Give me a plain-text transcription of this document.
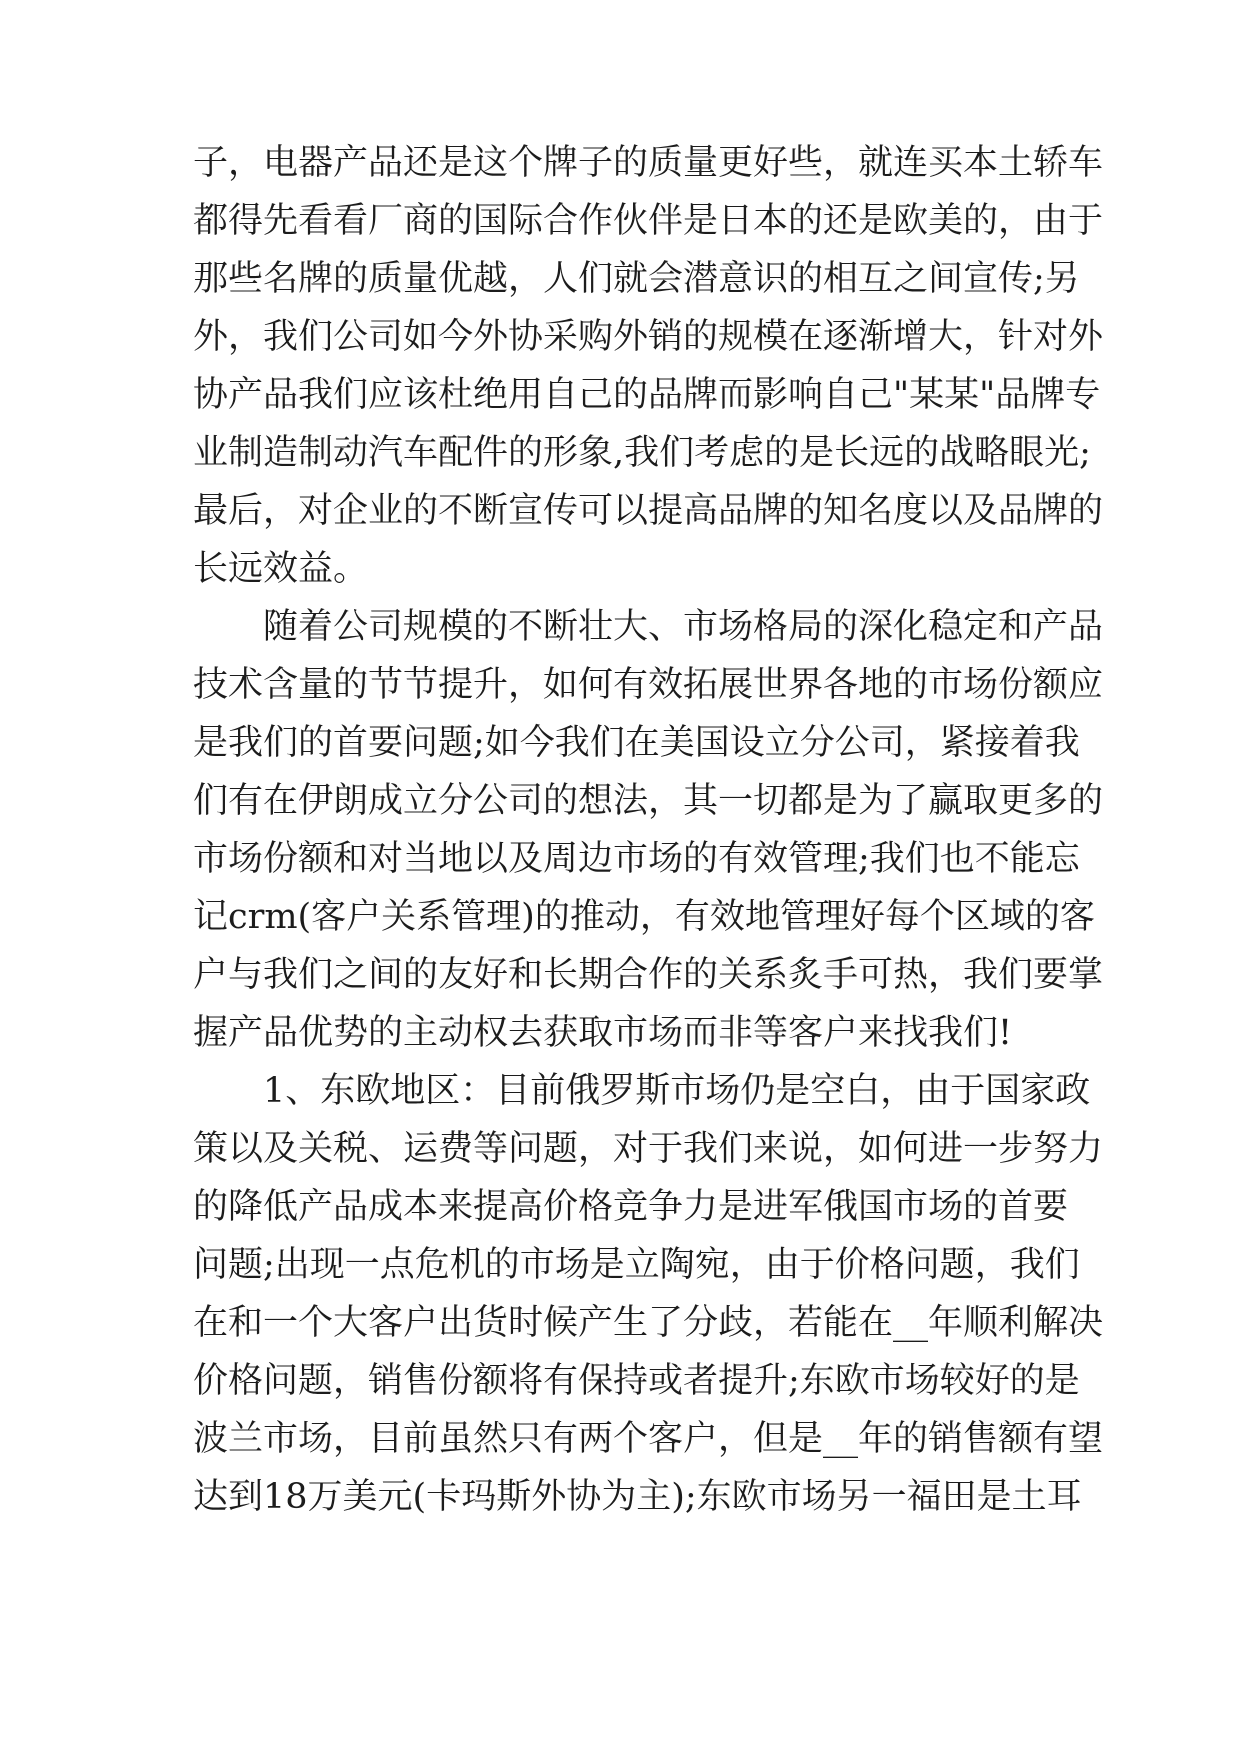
子，电器产品还是这个牌子的质量更好些，就连买本土轿车
都得先看看厂商的国际合作伙伴是日本的还是欧美的，由于
那些名牌的质量优越，人们就会潜意识的相互之间宣传;另
外，我们公司如今外协采购外销的规模在逐渐增大，针对外
协产品我们应该杜绝用自己的品牌而影响自己"某某"品牌专
业制造制动汽车配件的形象,我们考虑的是长远的战略眼光;
最后，对企业的不断宣传可以提高品牌的知名度以及品牌的
长远效益。
随着公司规模的不断壮大、市场格局的深化稳定和产品
技术含量的节节提升，如何有效拓展世界各地的市场份额应
是我们的首要问题;如今我们在美国设立分公司，紧接着我
们有在伊朗成立分公司的想法，其一切都是为了赢取更多的
市场份额和对当地以及周边市场的有效管理;我们也不能忘
记crm(客户关系管理)的推动，有效地管理好每个区域的客
户与我们之间的友好和长期合作的关系炙手可热，我们要掌
握产品优势的主动权去获取市场而非等客户来找我们!
1、东欧地区：目前俄罗斯市场仍是空白，由于国家政
策以及关税、运费等问题，对于我们来说，如何进一步努力
的降低产品成本来提高价格竞争力是进军俄国市场的首要
问题;出现一点危机的市场是立陶宛，由于价格问题，我们
在和一个大客户出货时候产生了分歧，若能在__年顺利解决
价格问题，销售份额将有保持或者提升;东欧市场较好的是
波兰市场，目前虽然只有两个客户，但是__年的销售额有望
达到18万美元(卡玛斯外协为主);东欧市场另一福田是土耳
